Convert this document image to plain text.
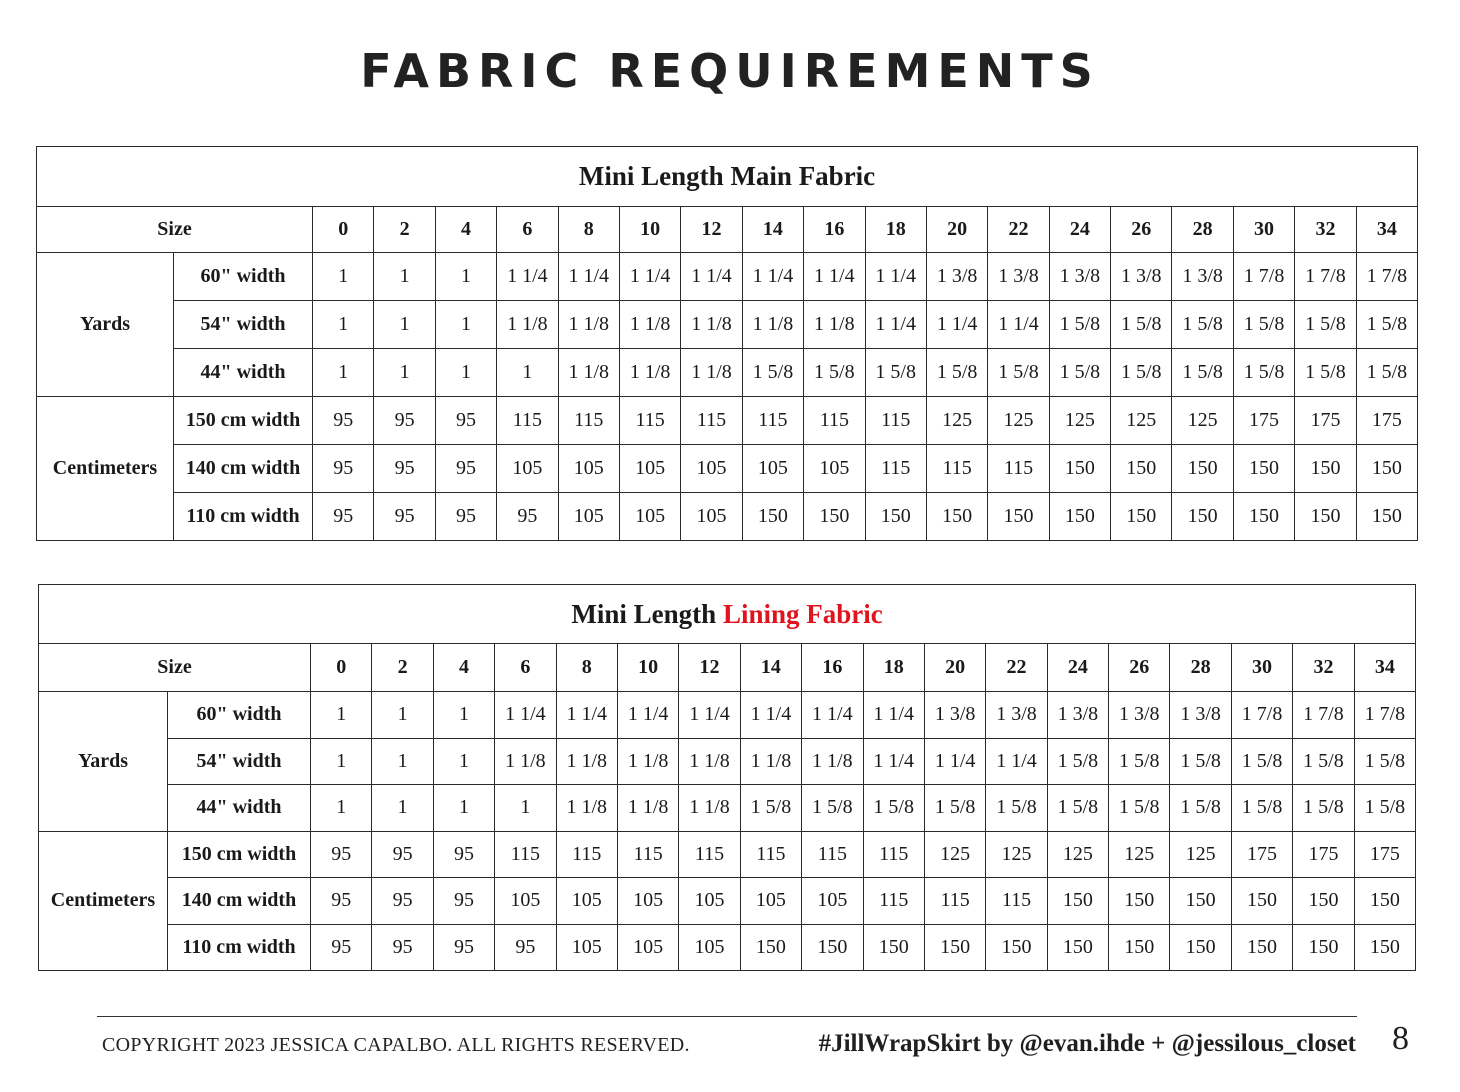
FABRIC REQUIREMENTS
Mini Length Main Fabric																			
Size		0	2	4	6	8	10	12	14	16	18	20	22	24	26	28	30	32	34
Yards	60" width	1	1	1	1 1/4	1 1/4	1 1/4	1 1/4	1 1/4	1 1/4	1 1/4	1 3/8	1 3/8	1 3/8	1 3/8	1 3/8	1 7/8	1 7/8	1 7/8
	54" width	1	1	1	1 1/8	1 1/8	1 1/8	1 1/8	1 1/8	1 1/8	1 1/4	1 1/4	1 1/4	1 5/8	1 5/8	1 5/8	1 5/8	1 5/8	1 5/8
	44" width	1	1	1	1	1 1/8	1 1/8	1 1/8	1 5/8	1 5/8	1 5/8	1 5/8	1 5/8	1 5/8	1 5/8	1 5/8	1 5/8	1 5/8	1 5/8
Centimeters	150 cm width	95	95	95	115	115	115	115	115	115	115	125	125	125	125	125	175	175	175
	140 cm width	95	95	95	105	105	105	105	105	105	115	115	115	150	150	150	150	150	150
	110 cm width	95	95	95	95	105	105	105	150	150	150	150	150	150	150	150	150	150	150
Mini Length Lining Fabric																			
Size		0	2	4	6	8	10	12	14	16	18	20	22	24	26	28	30	32	34
Yards	60" width	1	1	1	1 1/4	1 1/4	1 1/4	1 1/4	1 1/4	1 1/4	1 1/4	1 3/8	1 3/8	1 3/8	1 3/8	1 3/8	1 7/8	1 7/8	1 7/8
	54" width	1	1	1	1 1/8	1 1/8	1 1/8	1 1/8	1 1/8	1 1/8	1 1/4	1 1/4	1 1/4	1 5/8	1 5/8	1 5/8	1 5/8	1 5/8	1 5/8
	44" width	1	1	1	1	1 1/8	1 1/8	1 1/8	1 5/8	1 5/8	1 5/8	1 5/8	1 5/8	1 5/8	1 5/8	1 5/8	1 5/8	1 5/8	1 5/8
Centimeters	150 cm width	95	95	95	115	115	115	115	115	115	115	125	125	125	125	125	175	175	175
	140 cm width	95	95	95	105	105	105	105	105	105	115	115	115	150	150	150	150	150	150
	110 cm width	95	95	95	95	105	105	105	150	150	150	150	150	150	150	150	150	150	150
COPYRIGHT 2023 JESSICA CAPALBO. ALL RIGHTS RESERVED.	#JillWrapSkirt by @evan.ihde + @jessilous_closet 8
